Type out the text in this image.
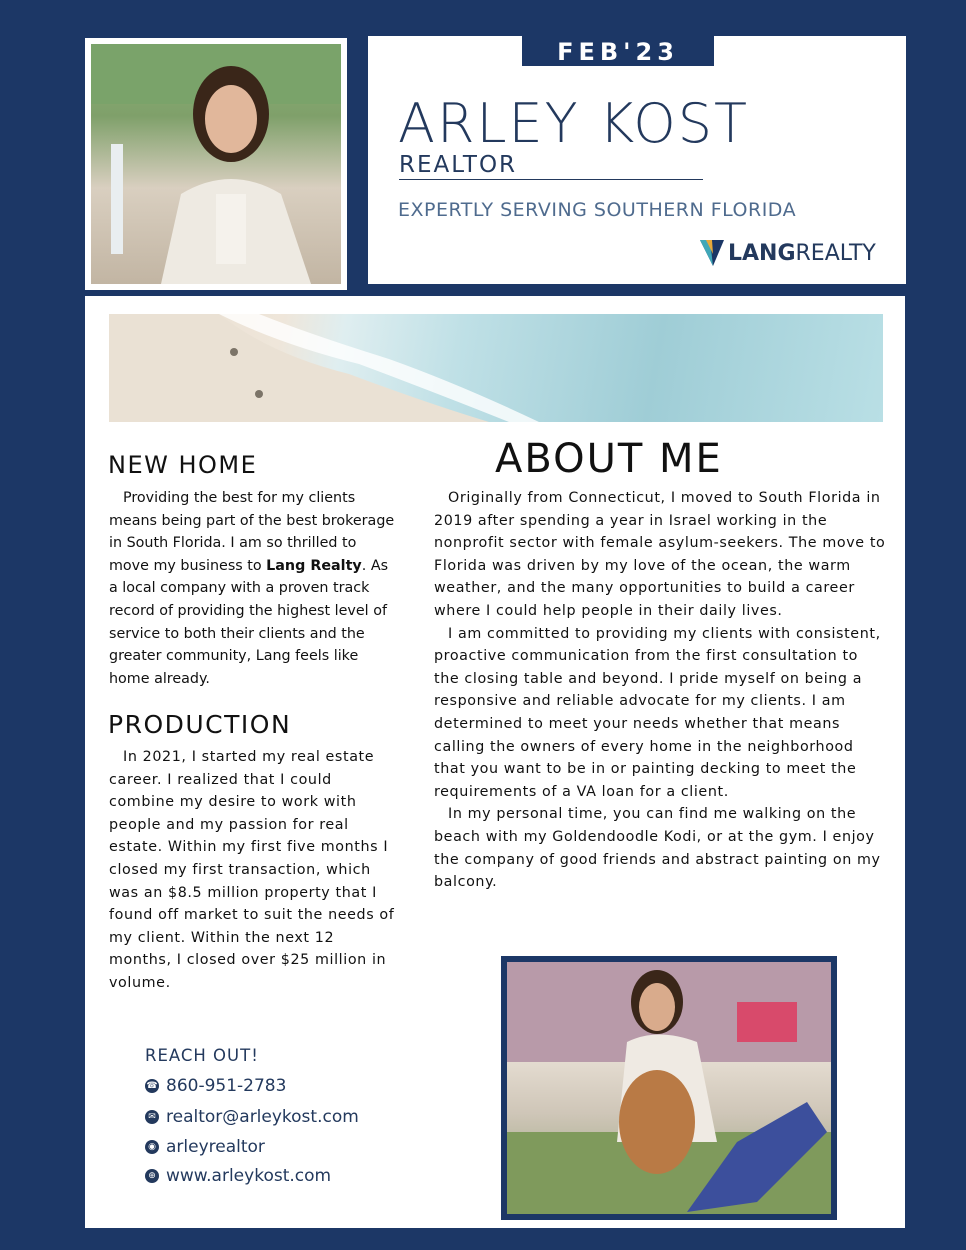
FEB'23
ARLEY KOST
REALTOR
EXPERTLY SERVING SOUTHERN FLORIDA
LANGREALTY
NEW HOME

Providing the best for my clients means being part of the best brokerage in South Florida. I am so thrilled to move my business to Lang Realty. As a local company with a proven track record of providing the highest level of service to both their clients and the greater community, Lang feels like home already.

PRODUCTION

In 2021, I started my real estate career. I realized that I could combine my desire to work with people and my passion for real estate. Within my first five months I closed my first transaction, which was an $8.5 million property that I found off market to suit the needs of my client. Within the next 12 months, I closed over $25 million in volume.

ABOUT ME

Originally from Connecticut, I moved to South Florida in 2019 after spending a year in Israel working in the nonprofit sector with female asylum-seekers. The move to Florida was driven by my love of the ocean, the warm weather, and the many opportunities to build a career where I could help people in their daily lives.

I am committed to providing my clients with consistent, proactive communication from the first consultation to the closing table and beyond. I pride myself on being a responsive and reliable advocate for my clients. I am determined to meet your needs whether that means calling the owners of every home in the neighborhood that you want to be in or painting decking to meet the requirements of a VA loan for a client.

In my personal time, you can find me walking on the beach with my Goldendoodle Kodi, or at the gym. I enjoy the company of good friends and abstract painting on my balcony.

REACH OUT!
☎ 860-951-2783
✉ realtor@arleykost.com
◉ arleyrealtor
⊕ www.arleykost.com
